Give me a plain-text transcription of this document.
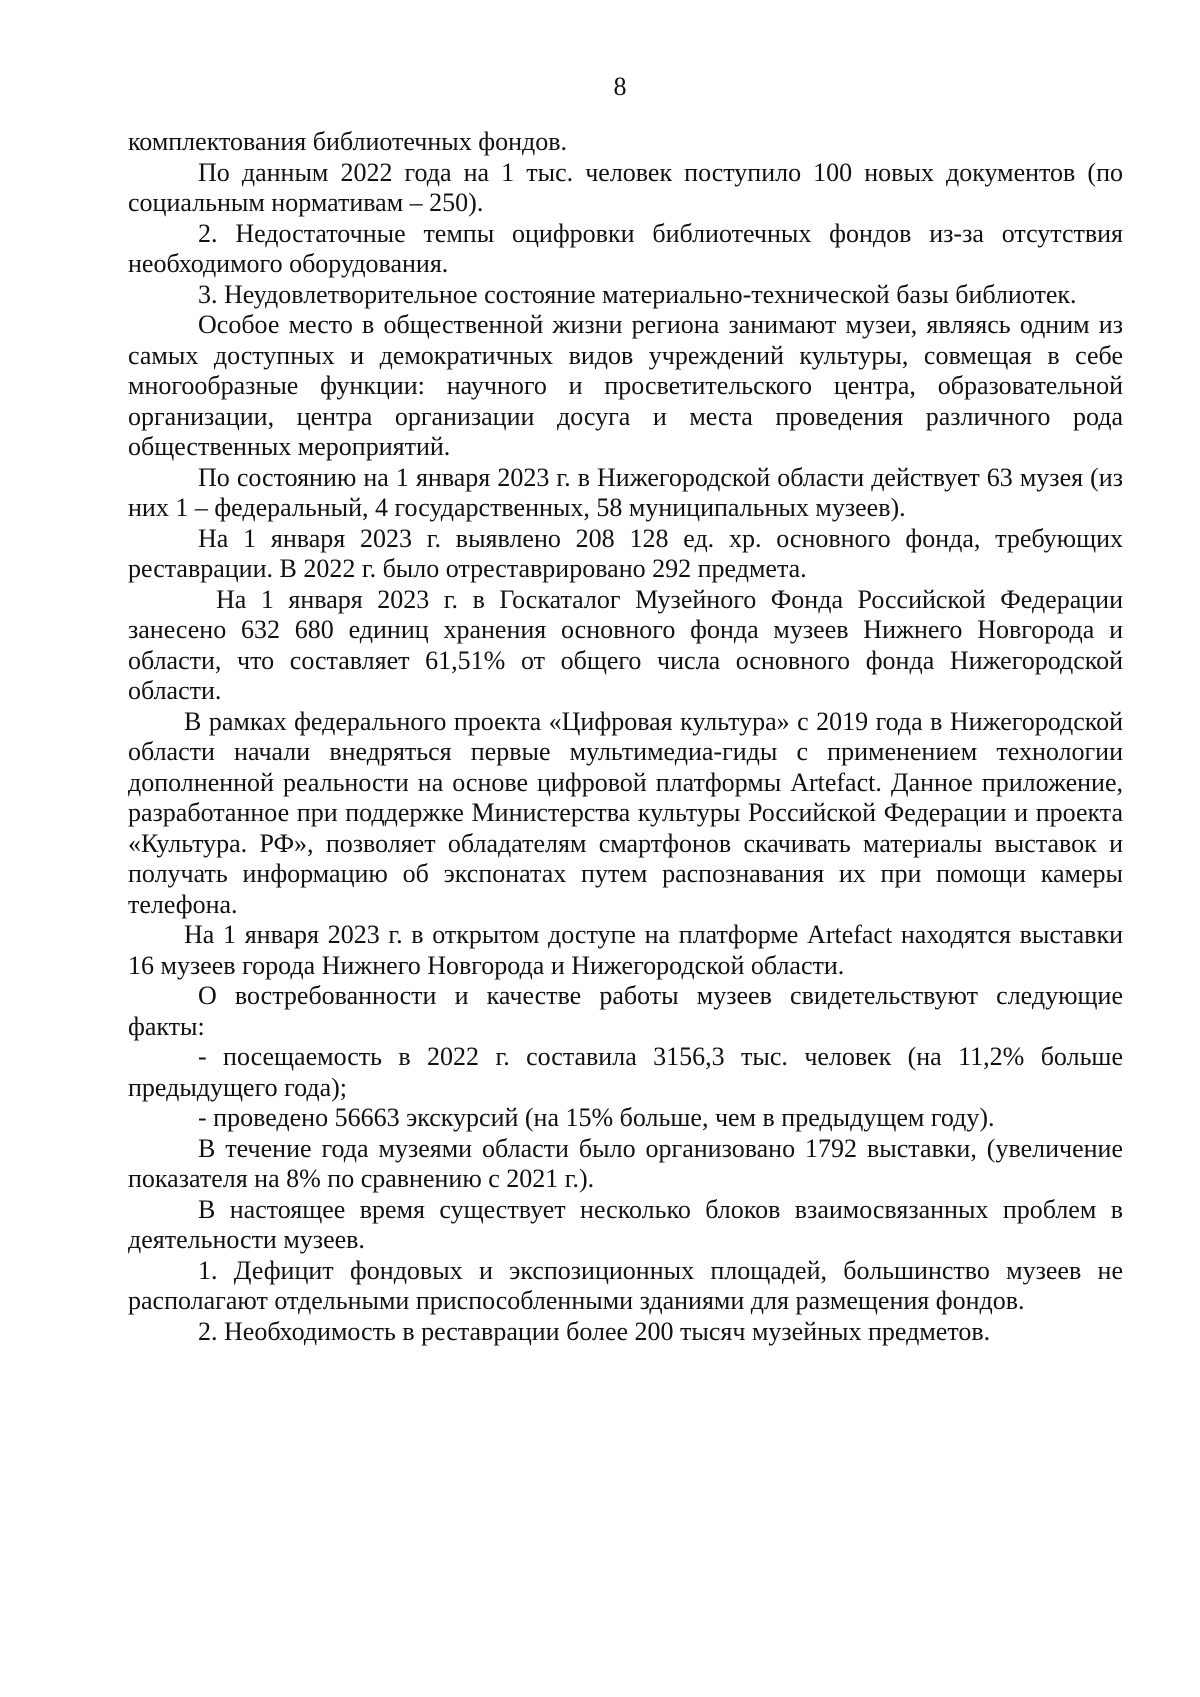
8

комплектования библиотечных фондов.

По данным 2022 года на 1 тыс. человек поступило 100 новых документов (по социальным нормативам – 250).

2. Недостаточные темпы оцифровки библиотечных фондов из-за отсутствия необходимого оборудования.

3. Неудовлетворительное состояние материально-технической базы библиотек.

Особое место в общественной жизни региона занимают музеи, являясь одним из самых доступных и демократичных видов учреждений культуры, совмещая в себе многообразные функции: научного и просветительского центра, образовательной организации, центра организации досуга и места проведения различного рода общественных мероприятий.

По состоянию на 1 января 2023 г. в Нижегородской области действует 63 музея (из них 1 – федеральный, 4 государственных, 58 муниципальных музеев).

На 1 января 2023 г. выявлено 208 128 ед. хр. основного фонда, требующих реставрации. В 2022 г. было отреставрировано 292 предмета.

На 1 января 2023 г. в Госкаталог Музейного Фонда Российской Федерации занесено 632 680 единиц хранения основного фонда музеев Нижнего Новгорода и области, что составляет 61,51% от общего числа основного фонда Нижегородской области.

В рамках федерального проекта «Цифровая культура» с 2019 года в Нижегородской области начали внедряться первые мультимедиа-гиды с применением технологии дополненной реальности на основе цифровой платформы Artefact. Данное приложение, разработанное при поддержке Министерства культуры Российской Федерации и проекта «Культура. РФ», позволяет обладателям смартфонов скачивать материалы выставок и получать информацию об экспонатах путем распознавания их при помощи камеры телефона.

На 1 января 2023 г. в открытом доступе на платформе Artefact находятся выставки 16 музеев города Нижнего Новгорода и Нижегородской области.

О востребованности и качестве работы музеев свидетельствуют следующие факты:

- посещаемость в 2022 г. составила 3156,3 тыс. человек (на 11,2% больше предыдущего года);

- проведено 56663 экскурсий (на 15% больше, чем в предыдущем году).

В течение года музеями области было организовано 1792 выставки, (увеличение показателя на 8% по сравнению с 2021 г.).

В настоящее время существует несколько блоков взаимосвязанных проблем в деятельности музеев.

1. Дефицит фондовых и экспозиционных площадей, большинство музеев не располагают отдельными приспособленными зданиями для размещения фондов.

2. Необходимость в реставрации более 200 тысяч музейных предметов.
